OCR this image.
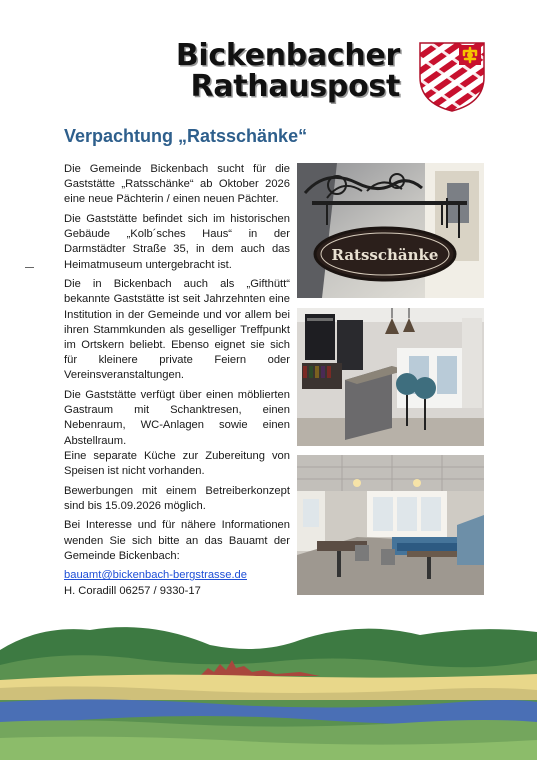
Bickenbacher
Rathauspost
Verpachtung „Ratsschänke“

Die Gemeinde Bickenbach sucht für die Gaststätte „Ratsschänke“ ab Oktober 2026 eine neue Pächterin / einen neuen Pächter.

Die Gaststätte befindet sich im historischen Gebäude „Kolb´sches Haus“ in der Darmstädter Straße 35, in dem auch das Heimatmuseum untergebracht ist.

Die in Bickenbach auch als „Gifthütt“ bekannte Gaststätte ist seit Jahrzehnten eine Institution in der Gemeinde und vor allem bei ihren Stammkunden als geselliger Treffpunkt im Ortskern beliebt. Ebenso eignet sie sich für kleinere private Feiern oder Vereinsveranstaltungen.

Die Gaststätte verfügt über einen möblierten Gastraum mit Schanktresen, einen Nebenraum, WC-Anlagen sowie einen Abstellraum.

Eine separate Küche zur Zubereitung von Speisen ist nicht vorhanden.

Bewerbungen mit einem Betreiberkonzept sind bis 15.09.2026 möglich.

Bei Interesse und für nähere Informationen wenden Sie sich bitte an das Bauamt der Gemeinde Bickenbach:

bauamt@bickenbach-bergstrasse.de
H. Coradill 06257 / 9330-17
Ratsschänke
